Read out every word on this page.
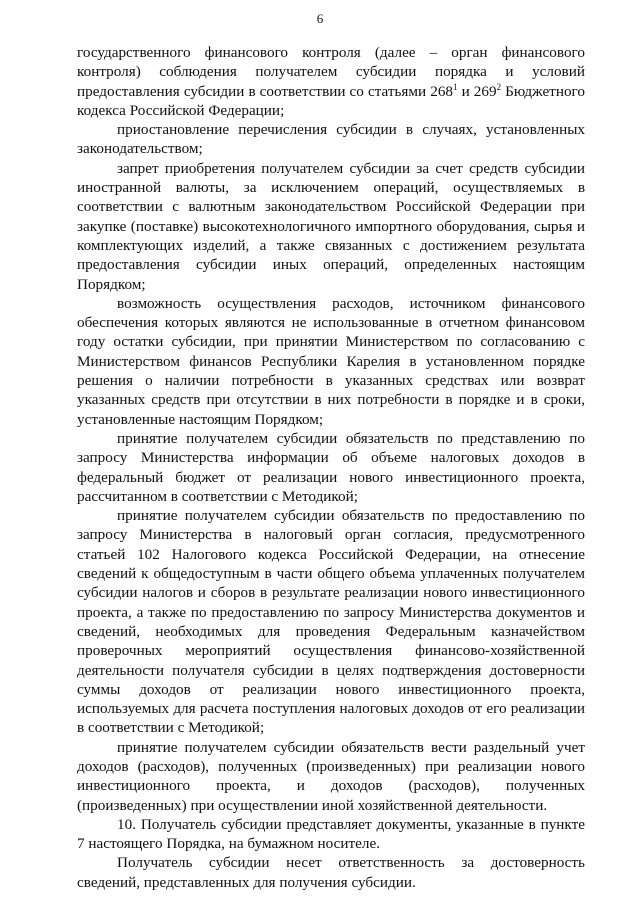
6

государственного финансового контроля (далее – орган финансового контроля) соблюдения получателем субсидии порядка и условий предоставления субсидии в соответствии со статьями $268^1$ и $269^2$ Бюджетного кодекса Российской Федерации;

приостановление перечисления субсидии в случаях, установленных законодательством;

запрет приобретения получателем субсидии за счет средств субсидии иностранной валюты, за исключением операций, осуществляемых в соответствии с валютным законодательством Российской Федерации при закупке (поставке) высокотехнологичного импортного оборудования, сырья и комплектующих изделий, а также связанных с достижением результата предоставления субсидии иных операций, определенных настоящим Порядком;

возможность осуществления расходов, источником финансового обеспечения которых являются не использованные в отчетном финансовом году остатки субсидии, при принятии Министерством по согласованию с Министерством финансов Республики Карелия в установленном порядке решения о наличии потребности в указанных средствах или возврат указанных средств при отсутствии в них потребности в порядке и в сроки, установленные настоящим Порядком;

принятие получателем субсидии обязательств по представлению по запросу Министерства информации об объеме налоговых доходов в федеральный бюджет от реализации нового инвестиционного проекта, рассчитанном в соответствии с Методикой;

принятие получателем субсидии обязательств по предоставлению по запросу Министерства в налоговый орган согласия, предусмотренного статьей 102 Налогового кодекса Российской Федерации, на отнесение сведений к общедоступным в части общего объема уплаченных получателем субсидии налогов и сборов в результате реализации нового инвестиционного проекта, а также по предоставлению по запросу Министерства документов и сведений, необходимых для проведения Федеральным казначейством проверочных мероприятий осуществления финансово-хозяйственной деятельности получателя субсидии в целях подтверждения достоверности суммы доходов от реализации нового инвестиционного проекта, используемых для расчета поступления налоговых доходов от его реализации в соответствии с Методикой;

принятие получателем субсидии обязательств вести раздельный учет доходов (расходов), полученных (произведенных) при реализации нового инвестиционного проекта, и доходов (расходов), полученных (произведенных) при осуществлении иной хозяйственной деятельности.

10. Получатель субсидии представляет документы, указанные в пункте 7 настоящего Порядка, на бумажном носителе.

Получатель субсидии несет ответственность за достоверность сведений, представленных для получения субсидии.
